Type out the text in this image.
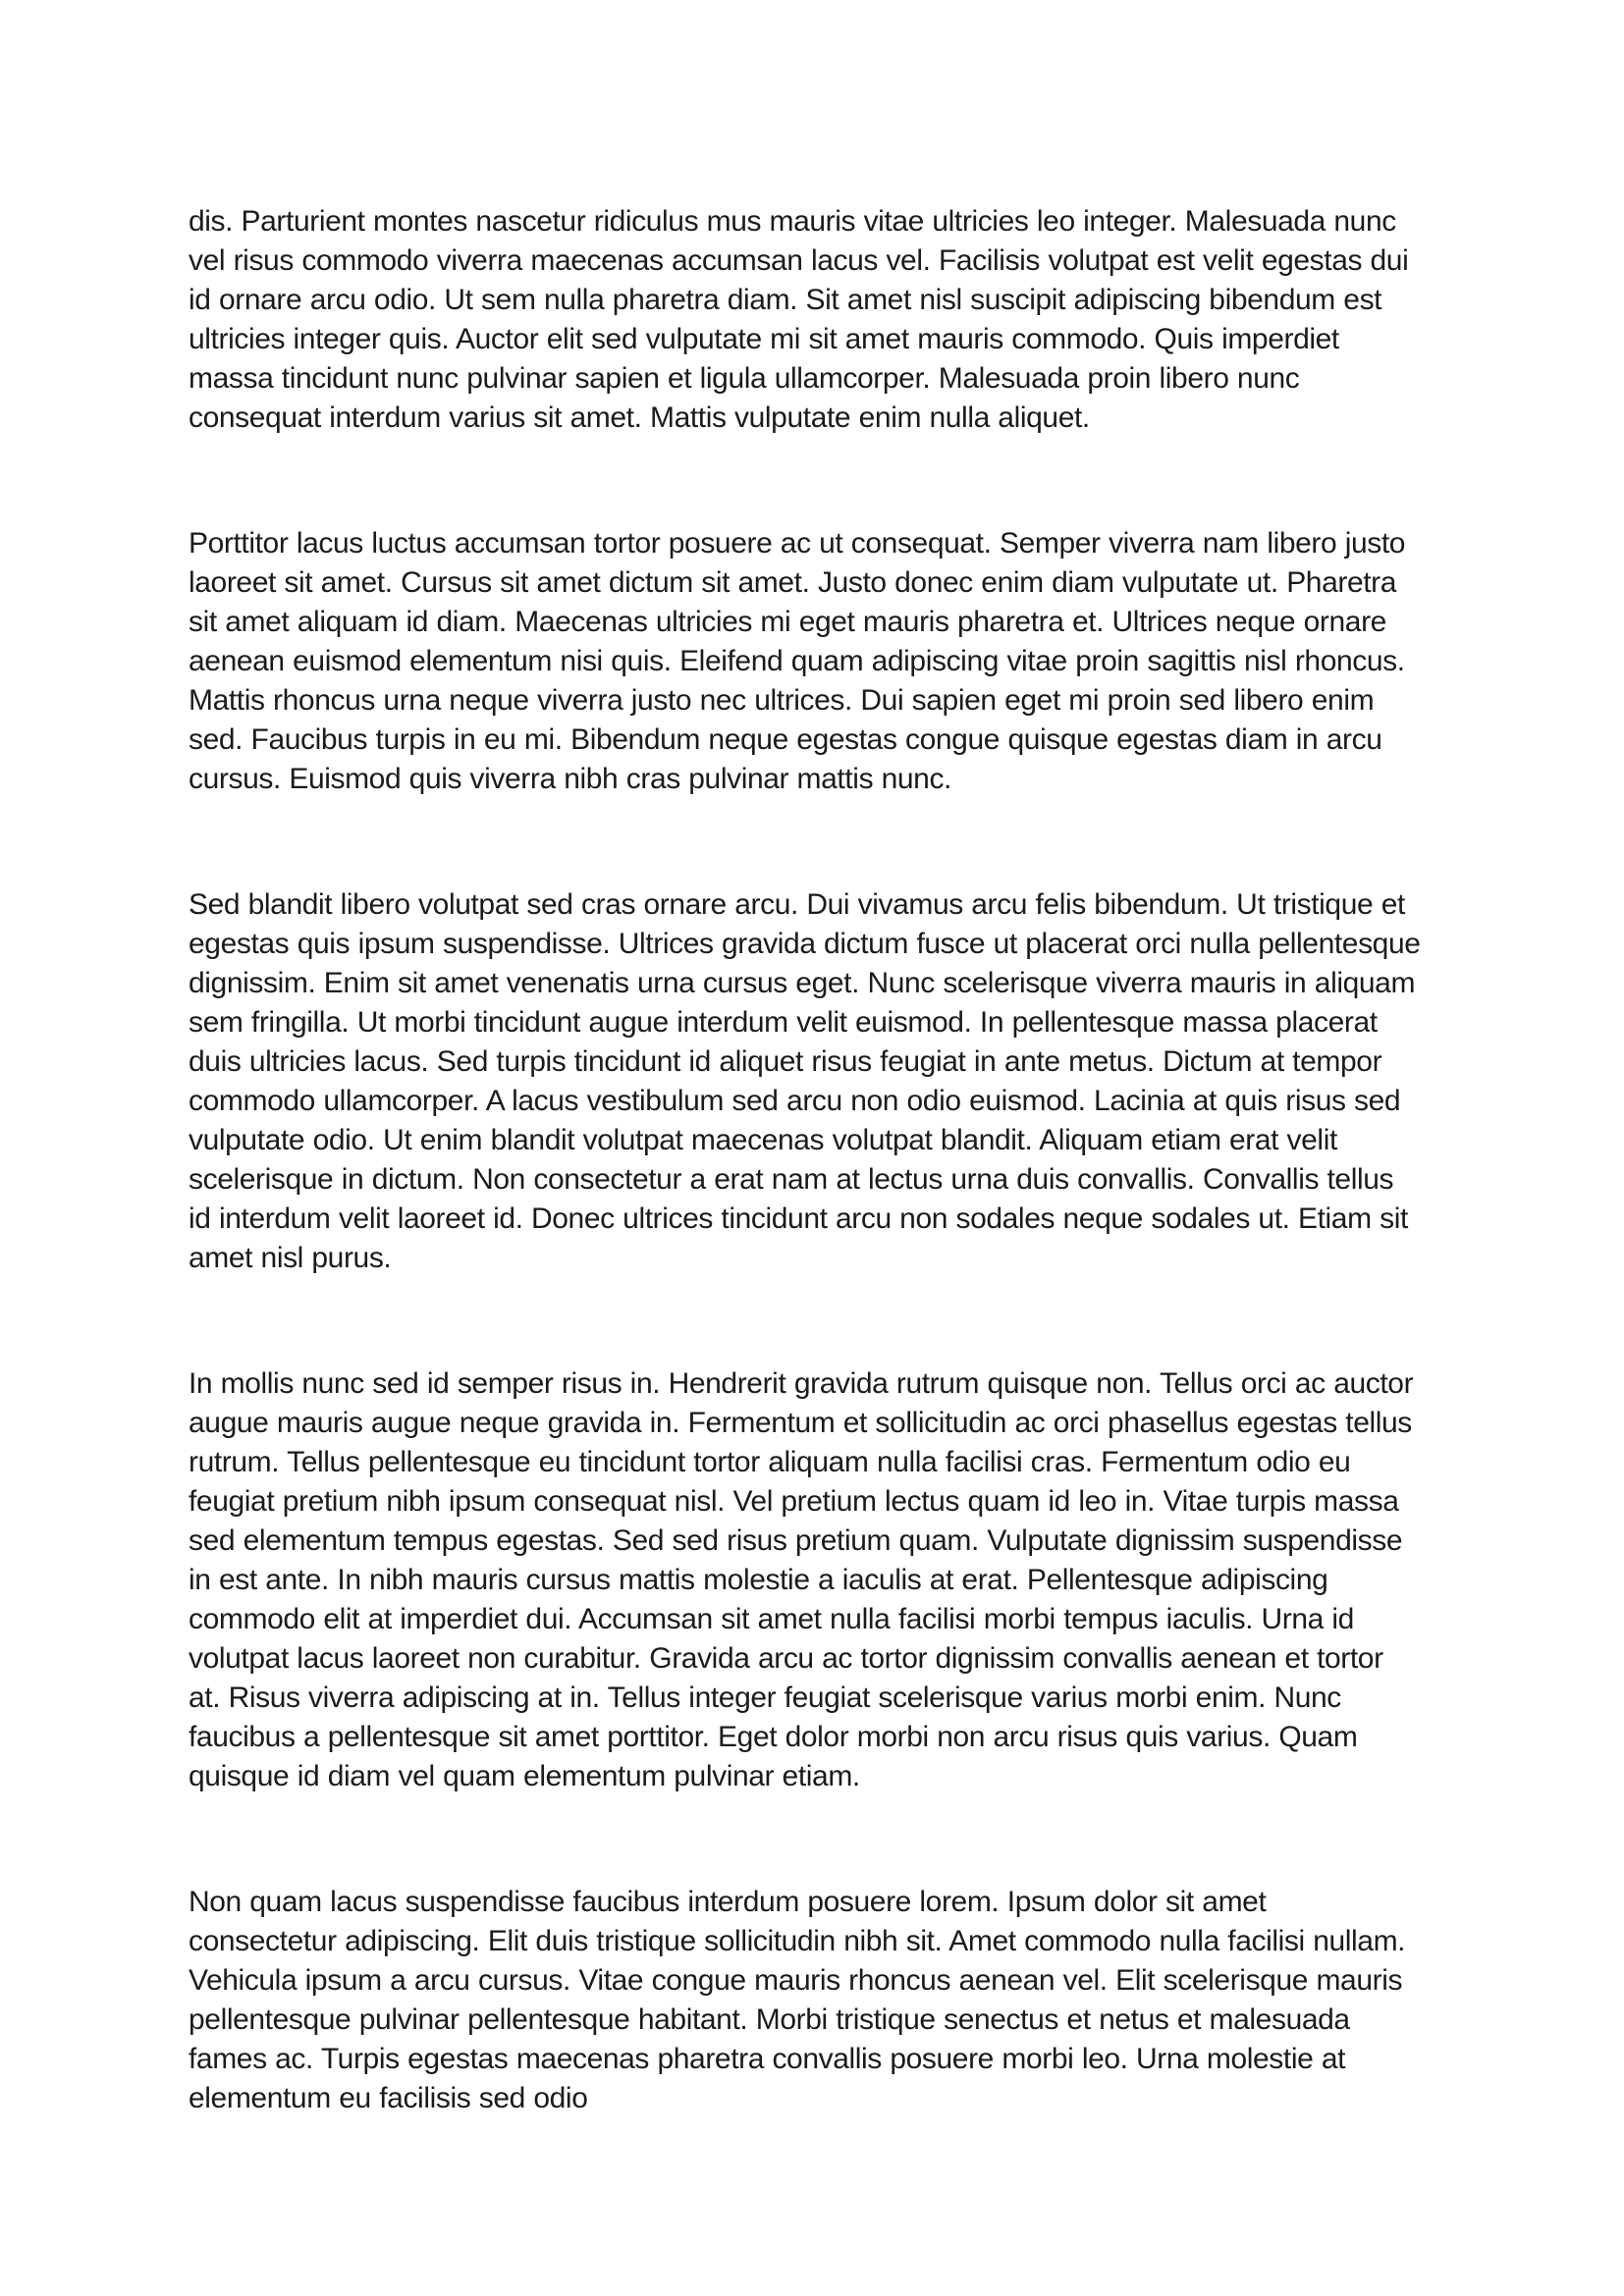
dis. Parturient montes nascetur ridiculus mus mauris vitae ultricies leo integer. Malesuada nunc vel risus commodo viverra maecenas accumsan lacus vel. Facilisis volutpat est velit egestas dui id ornare arcu odio. Ut sem nulla pharetra diam. Sit amet nisl suscipit adipiscing bibendum est ultricies integer quis. Auctor elit sed vulputate mi sit amet mauris commodo. Quis imperdiet massa tincidunt nunc pulvinar sapien et ligula ullamcorper. Malesuada proin libero nunc consequat interdum varius sit amet. Mattis vulputate enim nulla aliquet.

Porttitor lacus luctus accumsan tortor posuere ac ut consequat. Semper viverra nam libero justo laoreet sit amet. Cursus sit amet dictum sit amet. Justo donec enim diam vulputate ut. Pharetra sit amet aliquam id diam. Maecenas ultricies mi eget mauris pharetra et. Ultrices neque ornare aenean euismod elementum nisi quis. Eleifend quam adipiscing vitae proin sagittis nisl rhoncus. Mattis rhoncus urna neque viverra justo nec ultrices. Dui sapien eget mi proin sed libero enim sed. Faucibus turpis in eu mi. Bibendum neque egestas congue quisque egestas diam in arcu cursus. Euismod quis viverra nibh cras pulvinar mattis nunc.

Sed blandit libero volutpat sed cras ornare arcu. Dui vivamus arcu felis bibendum. Ut tristique et egestas quis ipsum suspendisse. Ultrices gravida dictum fusce ut placerat orci nulla pellentesque dignissim. Enim sit amet venenatis urna cursus eget. Nunc scelerisque viverra mauris in aliquam sem fringilla. Ut morbi tincidunt augue interdum velit euismod. In pellentesque massa placerat duis ultricies lacus. Sed turpis tincidunt id aliquet risus feugiat in ante metus. Dictum at tempor commodo ullamcorper. A lacus vestibulum sed arcu non odio euismod. Lacinia at quis risus sed vulputate odio. Ut enim blandit volutpat maecenas volutpat blandit. Aliquam etiam erat velit scelerisque in dictum. Non consectetur a erat nam at lectus urna duis convallis. Convallis tellus id interdum velit laoreet id. Donec ultrices tincidunt arcu non sodales neque sodales ut. Etiam sit amet nisl purus.

In mollis nunc sed id semper risus in. Hendrerit gravida rutrum quisque non. Tellus orci ac auctor augue mauris augue neque gravida in. Fermentum et sollicitudin ac orci phasellus egestas tellus rutrum. Tellus pellentesque eu tincidunt tortor aliquam nulla facilisi cras. Fermentum odio eu feugiat pretium nibh ipsum consequat nisl. Vel pretium lectus quam id leo in. Vitae turpis massa sed elementum tempus egestas. Sed sed risus pretium quam. Vulputate dignissim suspendisse in est ante. In nibh mauris cursus mattis molestie a iaculis at erat. Pellentesque adipiscing commodo elit at imperdiet dui. Accumsan sit amet nulla facilisi morbi tempus iaculis. Urna id volutpat lacus laoreet non curabitur. Gravida arcu ac tortor dignissim convallis aenean et tortor at. Risus viverra adipiscing at in. Tellus integer feugiat scelerisque varius morbi enim. Nunc faucibus a pellentesque sit amet porttitor. Eget dolor morbi non arcu risus quis varius. Quam quisque id diam vel quam elementum pulvinar etiam.

Non quam lacus suspendisse faucibus interdum posuere lorem. Ipsum dolor sit amet consectetur adipiscing. Elit duis tristique sollicitudin nibh sit. Amet commodo nulla facilisi nullam. Vehicula ipsum a arcu cursus. Vitae congue mauris rhoncus aenean vel. Elit scelerisque mauris pellentesque pulvinar pellentesque habitant. Morbi tristique senectus et netus et malesuada fames ac. Turpis egestas maecenas pharetra convallis posuere morbi leo. Urna molestie at elementum eu facilisis sed odio
